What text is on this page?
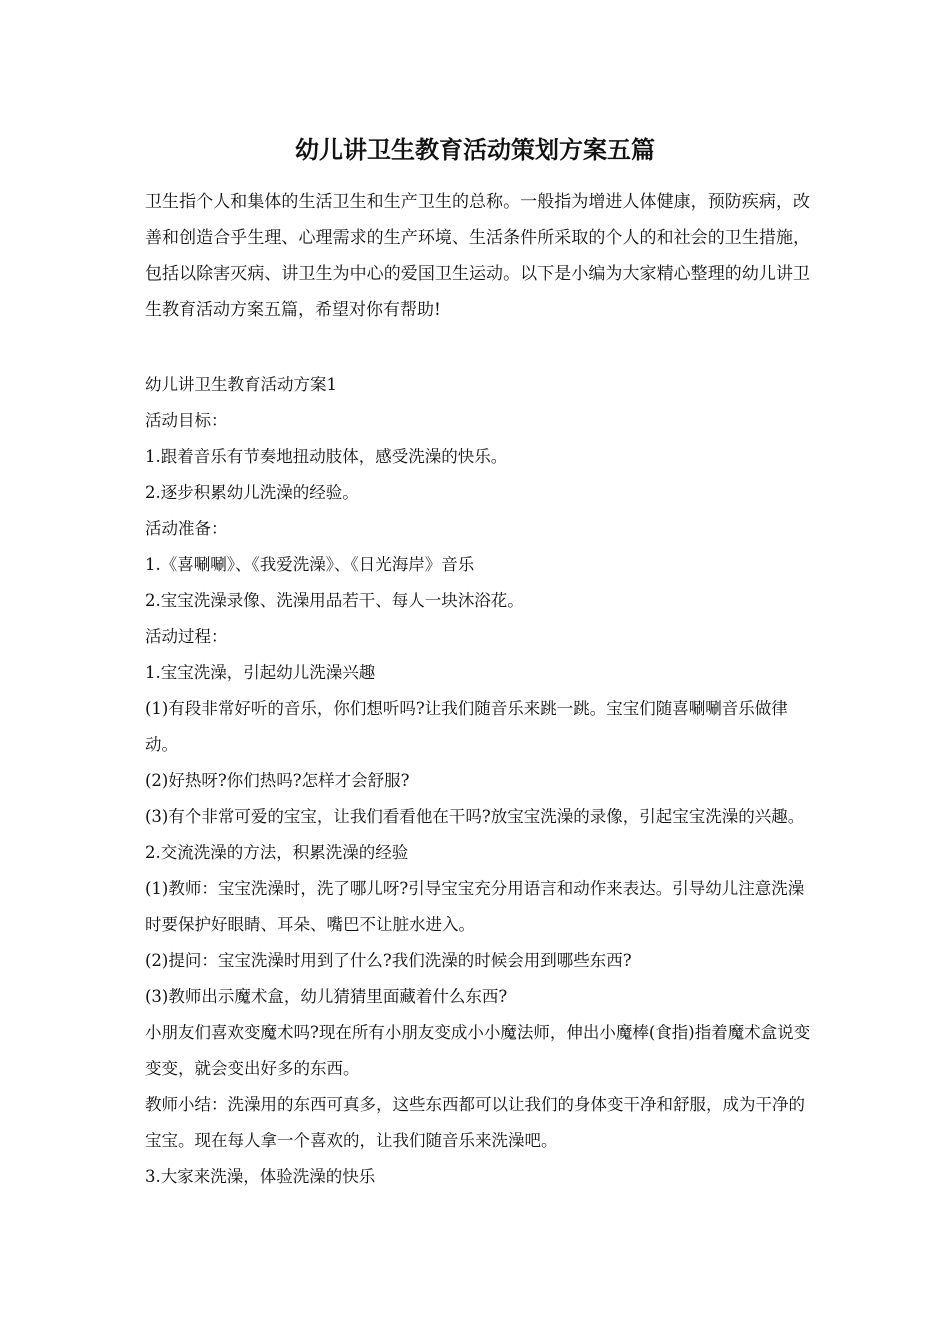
幼儿讲卫生教育活动策划方案五篇

卫生指个人和集体的生活卫生和生产卫生的总称。一般指为增进人体健康，预防疾病，改善和创造合乎生理、心理需求的生产环境、生活条件所采取的个人的和社会的卫生措施，包括以除害灭病、讲卫生为中心的爱国卫生运动。以下是小编为大家精心整理的幼儿讲卫生教育活动方案五篇，希望对你有帮助!

幼儿讲卫生教育活动方案1

活动目标：

1.跟着音乐有节奏地扭动肢体，感受洗澡的快乐。

2.逐步积累幼儿洗澡的经验。

活动准备：

1.《喜唰唰》、《我爱洗澡》、《日光海岸》音乐

2.宝宝洗澡录像、洗澡用品若干、每人一块沐浴花。

活动过程：

1.宝宝洗澡，引起幼儿洗澡兴趣

(1)有段非常好听的音乐，你们想听吗?让我们随音乐来跳一跳。宝宝们随喜唰唰音乐做律动。

(2)好热呀?你们热吗?怎样才会舒服?

(3)有个非常可爱的宝宝，让我们看看他在干吗?放宝宝洗澡的录像，引起宝宝洗澡的兴趣。

2.交流洗澡的方法，积累洗澡的经验

(1)教师：宝宝洗澡时，洗了哪儿呀?引导宝宝充分用语言和动作来表达。引导幼儿注意洗澡时要保护好眼睛、耳朵、嘴巴不让脏水进入。

(2)提问：宝宝洗澡时用到了什么?我们洗澡的时候会用到哪些东西?

(3)教师出示魔术盒，幼儿猜猜里面藏着什么东西?

小朋友们喜欢变魔术吗?现在所有小朋友变成小小魔法师，伸出小魔棒(食指)指着魔术盒说变变变，就会变出好多的东西。

教师小结：洗澡用的东西可真多，这些东西都可以让我们的身体变干净和舒服，成为干净的宝宝。现在每人拿一个喜欢的，让我们随音乐来洗澡吧。

3.大家来洗澡，体验洗澡的快乐
